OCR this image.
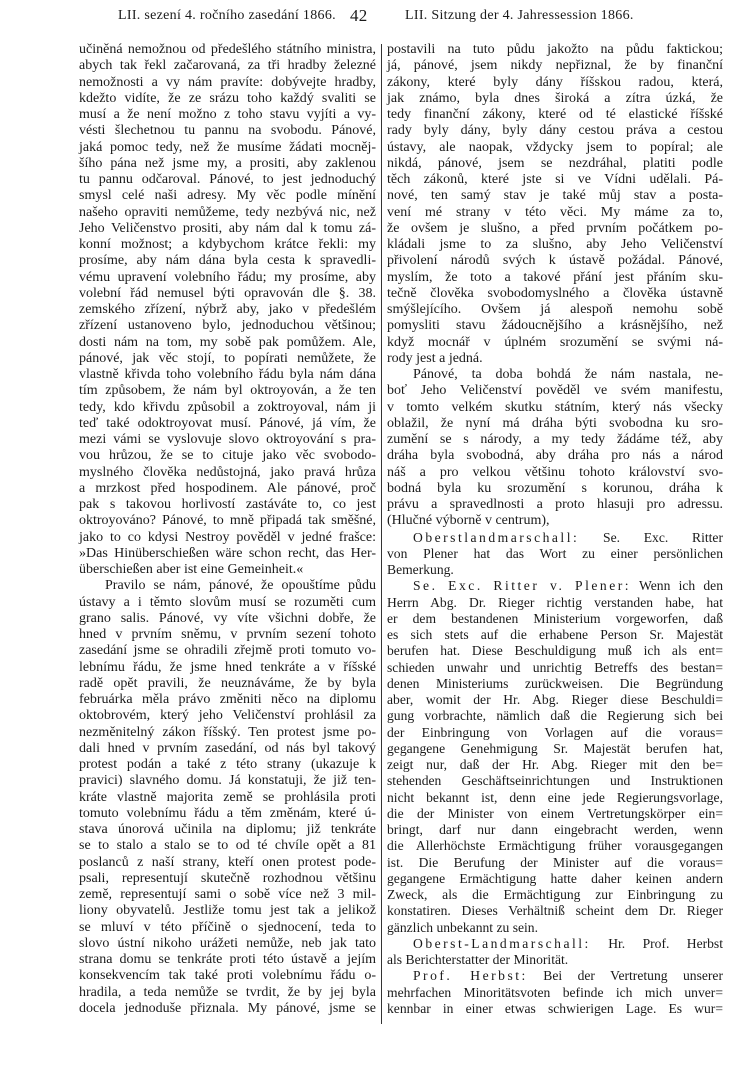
LII. sezení 4. ročního zasedání 1866. 42	LII. Sitzung der 4. Jahressession 1866.
učiněná nemožnou od předešlého státního ministra,
abych tak řekl začarovaná, za tři hradby železné
nemožnosti a vy nám pravíte: dobývejte hradby,
kdežto vidíte, že ze srázu toho každý svaliti se
musí a že není možno z toho stavu vyjíti a vy-
vésti šlechetnou tu pannu na svobodu. Pánové,
jaká pomoc tedy, než že musíme žádati mocněj-
šího pána než jsme my, a prositi, aby zaklenou
tu pannu odčaroval. Pánové, to jest jednoduchý
smysl celé naši adresy. My věc podle mínění
našeho opraviti nemůžeme, tedy nezbývá nic, než
Jeho Veličenstvo prositi, aby nám dal k tomu zá-
konní možnost; a kdybychom krátce řekli: my
prosíme, aby nám dána byla cesta k spravedli-
vému upravení volebního řádu; my prosíme, aby
volební řád nemusel býti opravován dle §. 38.
zemského zřízení, nýbrž aby, jako v předešlém
zřízení ustanoveno bylo, jednoduchou většinou;
dosti nám na tom, my sobě pak pomůžem. Ale,
pánové, jak věc stojí, to popírati nemůžete, že
vlastně křivda toho volebního řádu byla nám dána
tím způsobem, že nám byl oktroyován, a že ten
tedy, kdo křivdu způsobil a zoktroyoval, nám ji
teď také odoktroyovat musí. Pánové, já vím, že
mezi vámi se vyslovuje slovo oktroyování s pra-
vou hrůzou, že se to cituje jako věc svobodo-
myslného člověka nedůstojná, jako pravá hrůza
a mrzkost před hospodinem. Ale pánové, proč
pak s takovou horlivostí zastáváte to, co jest
oktroyováno? Pánové, to mně připadá tak směšné,
jako to co kdysi Nestroy pověděl v jedné frašce:
»Das Hinüberschießen wäre schon recht, das Her-
überschießen aber ist eine Gemeinheit.«
Pravilo se nám, pánové, že opouštíme půdu
ústavy a i těmto slovům musí se rozuměti cum
grano salis. Pánové, vy víte všichni dobře, že
hned v prvním sněmu, v prvním sezení tohoto
zasedání jsme se ohradili zřejmě proti tomuto vo-
lebnímu řádu, že jsme hned tenkráte a v říšské
radě opět pravili, že neuznáváme, že by byla
februárka měla právo změniti něco na diplomu
oktobrovém, který jeho Veličenství prohlásil za
nezměnitelný zákon říšský. Ten protest jsme po-
dali hned v prvním zasedání, od nás byl takový
protest podán a také z této strany (ukazuje k
pravici) slavného domu. Já konstatuji, že již ten-
kráte vlastně majorita země se prohlásila proti
tomuto volebnímu řádu a těm změnám, které ú-
stava únorová učinila na diplomu; již tenkráte
se to stalo a stalo se to od té chvíle opět a 81
poslanců z naší strany, kteří onen protest pode-
psali, representují skutečně rozhodnou většinu
země, representují sami o sobě více než 3 mil-
liony obyvatelů. Jestliže tomu jest tak a jelikož
se mluví v této příčině o sjednocení, teda to
slovo ústní nikoho urážeti nemůže, neb jak tato
strana domu se tenkráte proti této ústavě a jejím
konsekvencím tak také proti volebnímu řádu o-
hradila, a teda nemůže se tvrdit, že by jej byla
docela jednoduše přiznala. My pánové, jsme se
postavili na tuto půdu jakožto na půdu faktickou;
já, pánové, jsem nikdy nepřiznal, že by finanční
zákony, které byly dány říšskou radou, která,
jak známo, byla dnes široká a zítra úzká, že
tedy finanční zákony, které od té elastické říšské
rady byly dány, byly dány cestou práva a cestou
ústavy, ale naopak, vždycky jsem to popíral; ale
nikdá, pánové, jsem se nezdráhal, platiti podle
těch zákonů, které jste si ve Vídni udělali. Pá-
nové, ten samý stav je také můj stav a posta-
vení mé strany v této věci. My máme za to,
že ovšem je slušno, a před prvním počátkem po-
kládali jsme to za slušno, aby Jeho Veličenství
přivolení národů svých k ústavě požádal. Pánové,
myslím, že toto a takové přání jest přáním sku-
tečně člověka svobodomyslného a člověka ústavně
smýšlejícího. Ovšem já alespoň nemohu sobě
pomysliti stavu žádoucnějšího a krásnějšího, než
když mocnář v úplném srozumění se svými ná-
rody jest a jedná.
Pánové, ta doba bohdá že nám nastala, ne-
boť Jeho Veličenství pověděl ve svém manifestu,
v tomto velkém skutku státním, který nás všecky
oblažil, že nyní má dráha býti svobodna ku sro-
zumění se s národy, a my tedy žádáme též, aby
dráha byla svobodná, aby dráha pro nás a národ
náš a pro velkou většinu tohoto království svo-
bodná byla ku srozumění s korunou, dráha k
právu a spravedlnosti a proto hlasuji pro adressu.
(Hlučné výborně v centrum),
Oberstlandmarschall: Se. Exc. Ritter
von Plener hat das Wort zu einer persönlichen
Bemerkung.
Se. Exc. Ritter v. Plener: Wenn ich den
Herrn Abg. Dr. Rieger richtig verstanden habe, hat
er dem bestandenen Ministerium vorgeworfen, daß
es sich stets auf die erhabene Person Sr. Majestät
berufen hat. Diese Beschuldigung muß ich als ent=
schieden unwahr und unrichtig Betreffs des bestan=
denen Ministeriums zurückweisen. Die Begründung
aber, womit der Hr. Abg. Rieger diese Beschuldi=
gung vorbrachte, nämlich daß die Regierung sich bei
der Einbringung von Vorlagen auf die voraus=
gegangene Genehmigung Sr. Majestät berufen hat,
zeigt nur, daß der Hr. Abg. Rieger mit den be=
stehenden Geschäftseinrichtungen und Instruktionen
nicht bekannt ist, denn eine jede Regierungsvorlage,
die der Minister von einem Vertretungskörper ein=
bringt, darf nur dann eingebracht werden, wenn
die Allerhöchste Ermächtigung früher vorausgegangen
ist. Die Berufung der Minister auf die voraus=
gegangene Ermächtigung hatte daher keinen andern
Zweck, als die Ermächtigung zur Einbringung zu
konstatiren. Dieses Verhältniß scheint dem Dr. Rieger
gänzlich unbekannt zu sein.
Oberst-Landmarschall: Hr. Prof. Herbst
als Berichterstatter der Minorität.
Prof. Herbst: Bei der Vertretung unserer
mehrfachen Minoritätsvoten befinde ich mich unver=
kennbar in einer etwas schwierigen Lage. Es wur=
